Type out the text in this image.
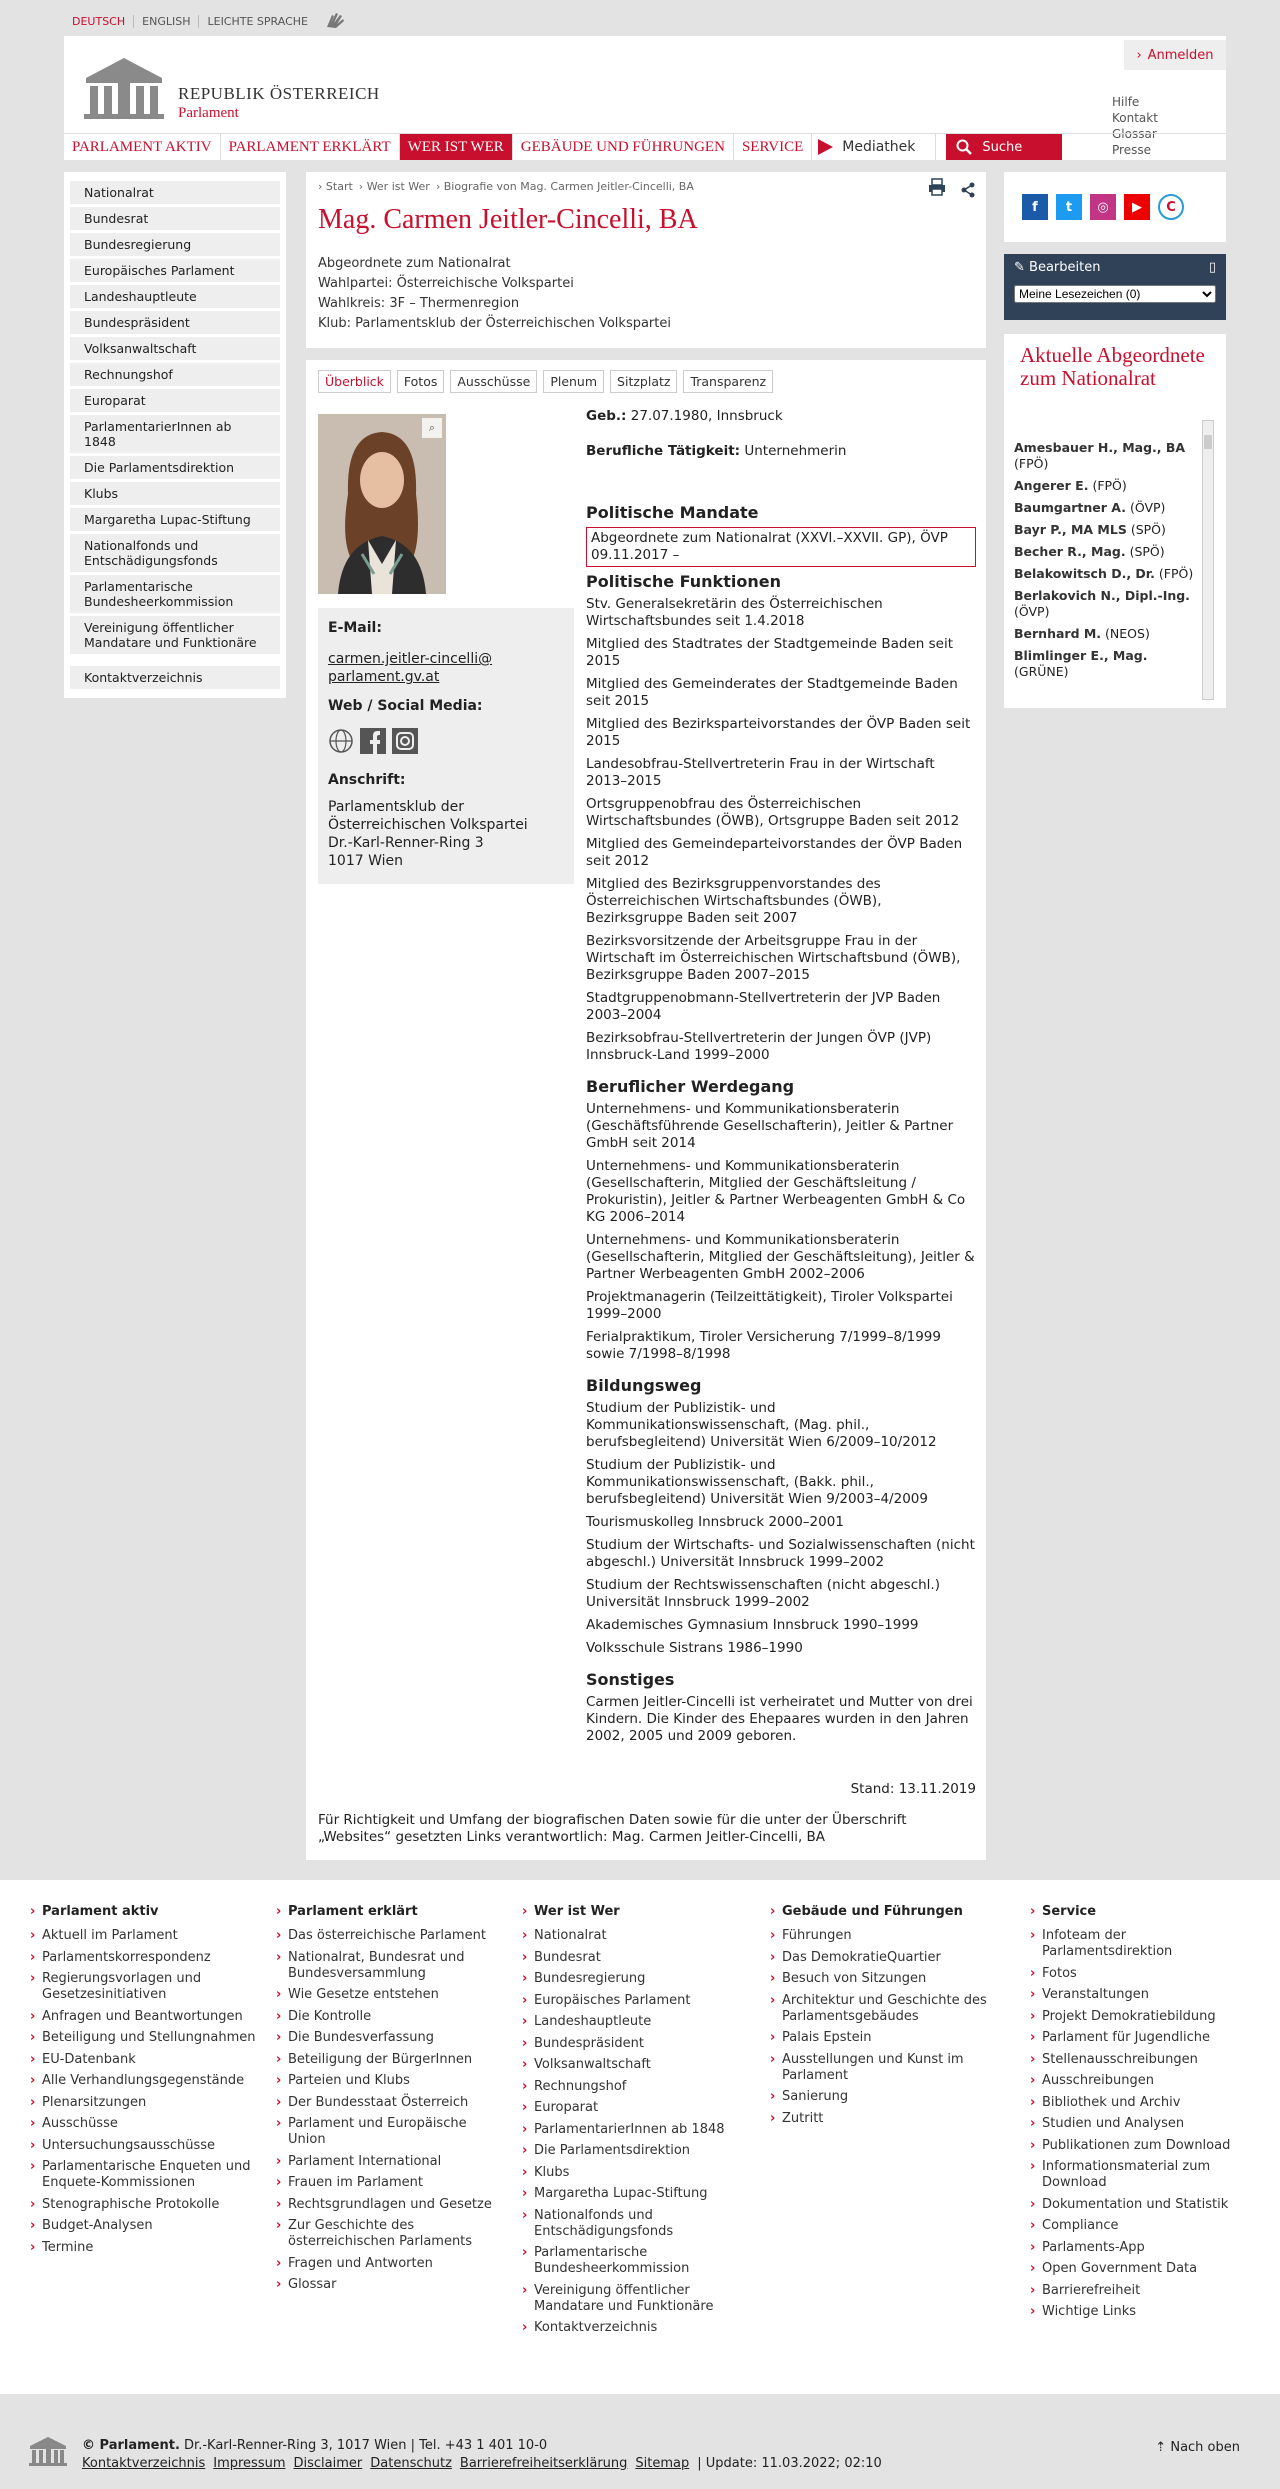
DEUTSCH	ENGLISH	LEICHTE SPRACHE
REPUBLIK ÖSTERREICH
Parlament
› Anmelden
Hilfe
Kontakt
Glossar
Presse
PARLAMENT AKTIV	PARLAMENT ERKLÄRT	WER IST WER	GEBÄUDE UND FÜHRUNGEN	SERVICE	Mediathek	Suche
Nationalrat
Bundesrat
Bundesregierung
Europäisches Parlament
Landeshauptleute
Bundespräsident
Volksanwaltschaft
Rechnungshof
Europarat
ParlamentarierInnen ab 1848
Die Parlamentsdirektion
Klubs
Margaretha Lupac-Stiftung
Nationalfonds und Entschädigungsfonds
Parlamentarische Bundesheerkommission
Vereinigung öffentlicher Mandatare und Funktionäre
Kontaktverzeichnis
› Start › Wer ist Wer › Biografie von Mag. Carmen Jeitler-Cincelli, BA
Mag. Carmen Jeitler-Cincelli, BA
Abgeordnete zum Nationalrat
Wahlpartei: Österreichische Volkspartei
Wahlkreis: 3F – Thermenregion
Klub: Parlamentsklub der Österreichischen Volkspartei
Überblick	Fotos	Ausschüsse	Plenum	Sitzplatz	Transparenz
⌕
E-Mail:
carmen.jeitler-cincelli@
parlament.gv.at
Web / Social Media:
Anschrift:
Parlamentsklub der
Österreichischen Volkspartei
Dr.-Karl-Renner-Ring 3
1017 Wien

Geb.: 27.07.1980, Innsbruck

Berufliche Tätigkeit: Unternehmerin

Politische Mandate
Abgeordnete zum Nationalrat (XXVI.–XXVII. GP), ÖVP 09.11.2017 –
Politische Funktionen

Stv. Generalsekretärin des Österreichischen Wirtschaftsbundes seit 1.4.2018

Mitglied des Stadtrates der Stadtgemeinde Baden seit 2015

Mitglied des Gemeinderates der Stadtgemeinde Baden seit 2015

Mitglied des Bezirksparteivorstandes der ÖVP Baden seit 2015

Landesobfrau-Stellvertreterin Frau in der Wirtschaft 2013–2015

Ortsgruppenobfrau des Österreichischen Wirtschaftsbundes (ÖWB), Ortsgruppe Baden seit 2012

Mitglied des Gemeindeparteivorstandes der ÖVP Baden seit 2012

Mitglied des Bezirksgruppenvorstandes des Österreichischen Wirtschaftsbundes (ÖWB), Bezirksgruppe Baden seit 2007

Bezirksvorsitzende der Arbeitsgruppe Frau in der Wirtschaft im Österreichischen Wirtschaftsbund (ÖWB), Bezirksgruppe Baden 2007–2015

Stadtgruppenobmann-Stellvertreterin der JVP Baden 2003–2004

Bezirksobfrau-Stellvertreterin der Jungen ÖVP (JVP) Innsbruck-Land 1999–2000

Beruflicher Werdegang

Unternehmens- und Kommunikationsberaterin (Geschäftsführende Gesellschafterin), Jeitler & Partner GmbH seit 2014

Unternehmens- und Kommunikationsberaterin (Gesellschafterin, Mitglied der Geschäftsleitung / Prokuristin), Jeitler & Partner Werbeagenten GmbH & Co KG 2006–2014

Unternehmens- und Kommunikationsberaterin (Gesellschafterin, Mitglied der Geschäftsleitung), Jeitler & Partner Werbeagenten GmbH 2002–2006

Projektmanagerin (Teilzeittätigkeit), Tiroler Volkspartei 1999–2000

Ferialpraktikum, Tiroler Versicherung 7/1999–8/1999 sowie 7/1998–8/1998

Bildungsweg

Studium der Publizistik- und Kommunikationswissenschaft, (Mag. phil., berufsbegleitend) Universität Wien 6/2009–10/2012

Studium der Publizistik- und Kommunikationswissenschaft, (Bakk. phil., berufsbegleitend) Universität Wien 9/2003–4/2009

Tourismuskolleg Innsbruck 2000–2001

Studium der Wirtschafts- und Sozialwissenschaften (nicht abgeschl.) Universität Innsbruck 1999–2002

Studium der Rechtswissenschaften (nicht abgeschl.) Universität Innsbruck 1999–2002

Akademisches Gymnasium Innsbruck 1990–1999

Volksschule Sistrans 1986–1990

Sonstiges

Carmen Jeitler-Cincelli ist verheiratet und Mutter von drei Kindern. Die Kinder des Ehepaares wurden in den Jahren 2002, 2005 und 2009 geboren.

Stand: 13.11.2019

Für Richtigkeit und Umfang der biografischen Daten sowie für die unter der Überschrift „Websites“ gesetzten Links verantwortlich: Mag. Carmen Jeitler-Cincelli, BA
f	t	◎	▶	C
✎ Bearbeiten	▯
Meine Lesezeichen (0)
Aktuelle Abgeordnete zum Nationalrat
Amesbauer H., Mag., BA (FPÖ)
Angerer E. (FPÖ)
Baumgartner A. (ÖVP)
Bayr P., MA MLS (SPÖ)
Becher R., Mag. (SPÖ)
Belakowitsch D., Dr. (FPÖ)
Berlakovich N., Dipl.-Ing. (ÖVP)
Bernhard M. (NEOS)
Blimlinger E., Mag. (GRÜNE)
› Parlament aktiv
› Aktuell im Parlament
› Parlamentskorrespondenz
› Regierungsvorlagen und Gesetzesinitiativen
› Anfragen und Beantwortungen
› Beteiligung und Stellungnahmen
› EU-Datenbank
› Alle Verhandlungsgegenstände
› Plenarsitzungen
› Ausschüsse
› Untersuchungsausschüsse
› Parlamentarische Enqueten und Enquete-Kommissionen
› Stenographische Protokolle
› Budget-Analysen
› Termine
› Parlament erklärt
› Das österreichische Parlament
› Nationalrat, Bundesrat und Bundesversammlung
› Wie Gesetze entstehen
› Die Kontrolle
› Die Bundesverfassung
› Beteiligung der BürgerInnen
› Parteien und Klubs
› Der Bundesstaat Österreich
› Parlament und Europäische Union
› Parlament International
› Frauen im Parlament
› Rechtsgrundlagen und Gesetze
› Zur Geschichte des österreichischen Parlaments
› Fragen und Antworten
› Glossar
› Wer ist Wer
› Nationalrat
› Bundesrat
› Bundesregierung
› Europäisches Parlament
› Landeshauptleute
› Bundespräsident
› Volksanwaltschaft
› Rechnungshof
› Europarat
› ParlamentarierInnen ab 1848
› Die Parlamentsdirektion
› Klubs
› Margaretha Lupac-Stiftung
› Nationalfonds und Entschädigungsfonds
› Parlamentarische Bundesheerkommission
› Vereinigung öffentlicher Mandatare und Funktionäre
› Kontaktverzeichnis
› Gebäude und Führungen
› Führungen
› Das DemokratieQuartier
› Besuch von Sitzungen
› Architektur und Geschichte des Parlamentsgebäudes
› Palais Epstein
› Ausstellungen und Kunst im Parlament
› Sanierung
› Zutritt
› Service
› Infoteam der Parlamentsdirektion
› Fotos
› Veranstaltungen
› Projekt Demokratiebildung
› Parlament für Jugendliche
› Stellenausschreibungen
› Ausschreibungen
› Bibliothek und Archiv
› Studien und Analysen
› Publikationen zum Download
› Informationsmaterial zum Download
› Dokumentation und Statistik
› Compliance
› Parlaments-App
› Open Government Data
› Barrierefreiheit
› Wichtige Links
© Parlament. Dr.-Karl-Renner-Ring 3, 1017 Wien | Tel. +43 1 401 10-0
Kontaktverzeichnis Impressum Disclaimer Datenschutz Barrierefreiheitserklärung Sitemap | Update: 11.03.2022; 02:10
⇡ Nach oben
